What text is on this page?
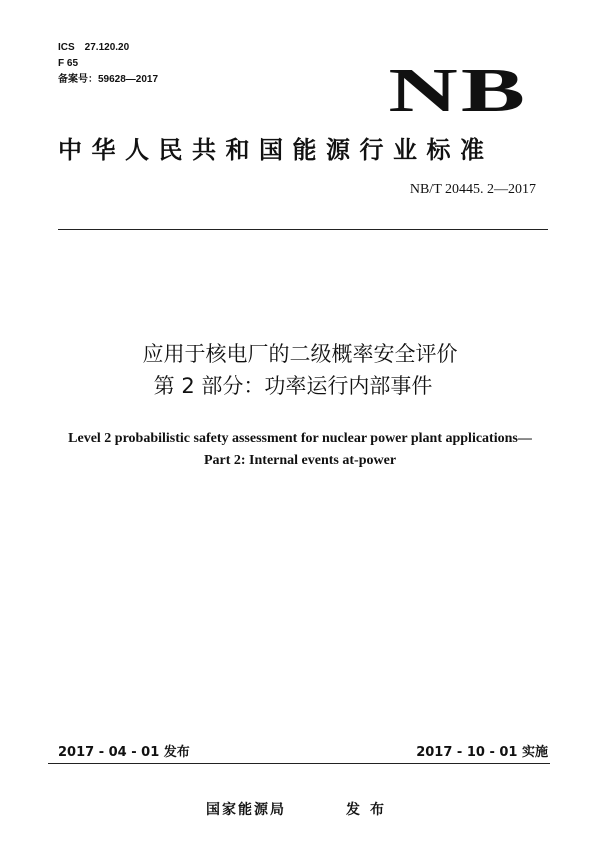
ICS 27.120.20
F 65
备案号：59628—2017	NB
中华人民共和国能源行业标准
NB/T 20445. 2—2017
应用于核电厂的二级概率安全评价
第 2 部分：功率运行内部事件
Level 2 probabilistic safety assessment for nuclear power plant applications—
Part 2: Internal events at-power
2017 - 04 - 01 发布	2017 - 10 - 01 实施
国家能源局	发布
